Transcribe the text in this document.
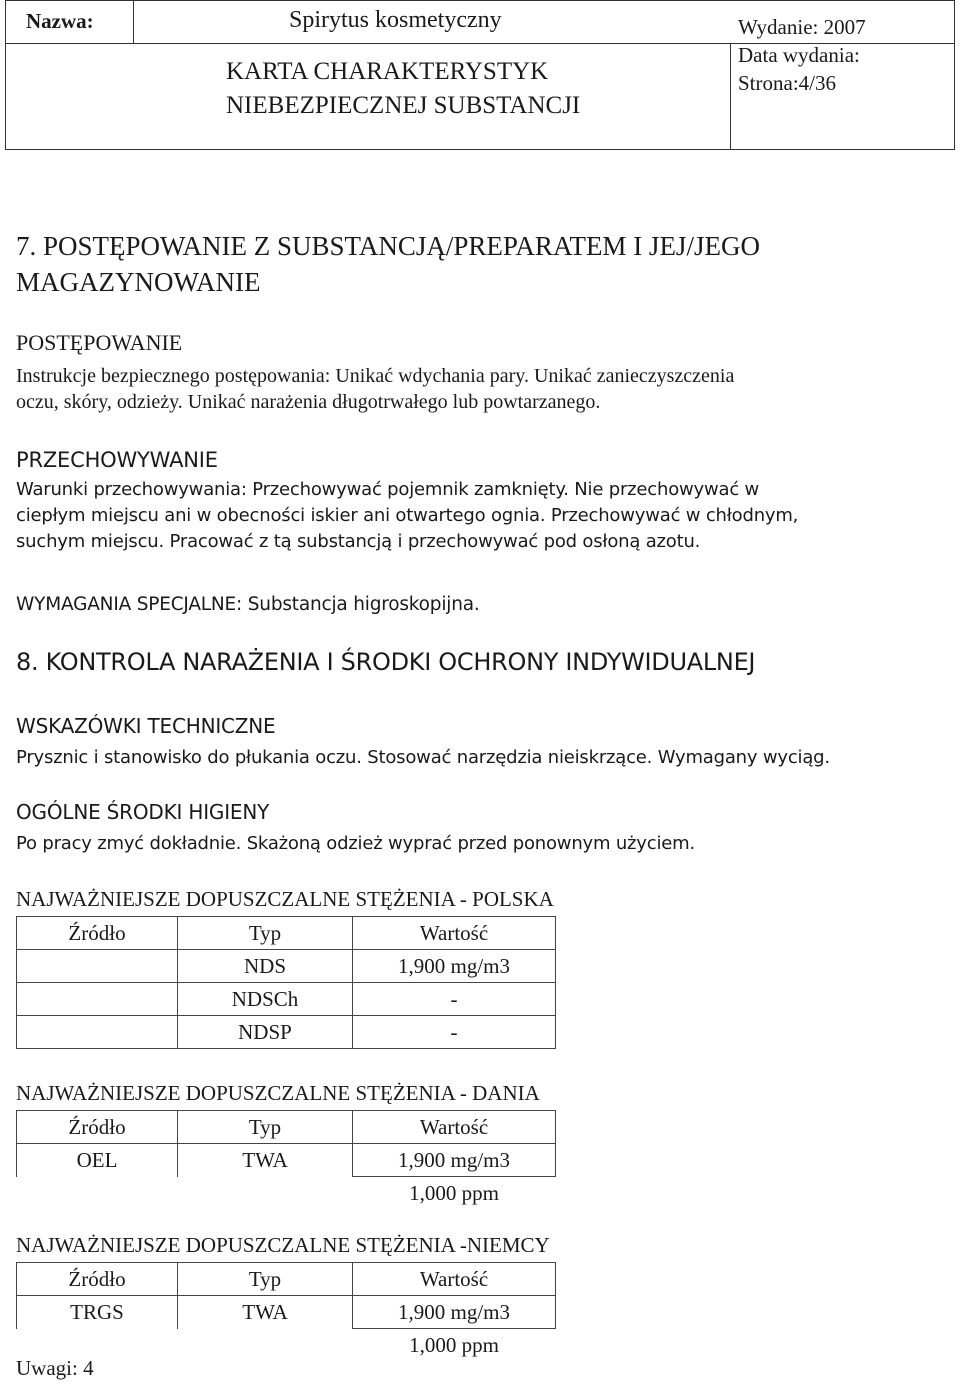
Nazwa:	Spirytus kosmetyczny
KARTA CHARAKTERYSTYK
NIEBEZPIECZNEJ SUBSTANCJI
Wydanie: 2007
Data wydania:
Strona:4/36
7. POSTĘPOWANIE Z SUBSTANCJĄ/PREPARATEM I JEJ/JEGO
MAGAZYNOWANIE
POSTĘPOWANIE
Instrukcje bezpiecznego postępowania: Unikać wdychania pary. Unikać zanieczyszczenia
oczu, skóry, odzieży. Unikać narażenia długotrwałego lub powtarzanego.
PRZECHOWYWANIE
Warunki przechowywania: Przechowywać pojemnik zamknięty. Nie przechowywać w
ciepłym miejscu ani w obecności iskier ani otwartego ognia. Przechowywać w chłodnym,
suchym miejscu. Pracować z tą substancją i przechowywać pod osłoną azotu.
WYMAGANIA SPECJALNE: Substancja higroskopijna.
8. KONTROLA NARAŻENIA I ŚRODKI OCHRONY INDYWIDUALNEJ
WSKAZÓWKI TECHNICZNE
Prysznic i stanowisko do płukania oczu. Stosować narzędzia nieiskrzące. Wymagany wyciąg.
OGÓLNE ŚRODKI HIGIENY
Po pracy zmyć dokładnie. Skażoną odzież wyprać przed ponownym użyciem.
NAJWAŻNIEJSZE DOPUSZCZALNE STĘŻENIA - POLSKA
Źródło	Typ	Wartość
	NDS	1,900 mg/m3
	NDSCh	-
	NDSP	-
NAJWAŻNIEJSZE DOPUSZCZALNE STĘŻENIA - DANIA
Źródło	Typ	Wartość
OEL	TWA	1,900 mg/m3
		1,000 ppm
NAJWAŻNIEJSZE DOPUSZCZALNE STĘŻENIA -NIEMCY
Źródło	Typ	Wartość
TRGS	TWA	1,900 mg/m3
		1,000 ppm
Uwagi: 4
